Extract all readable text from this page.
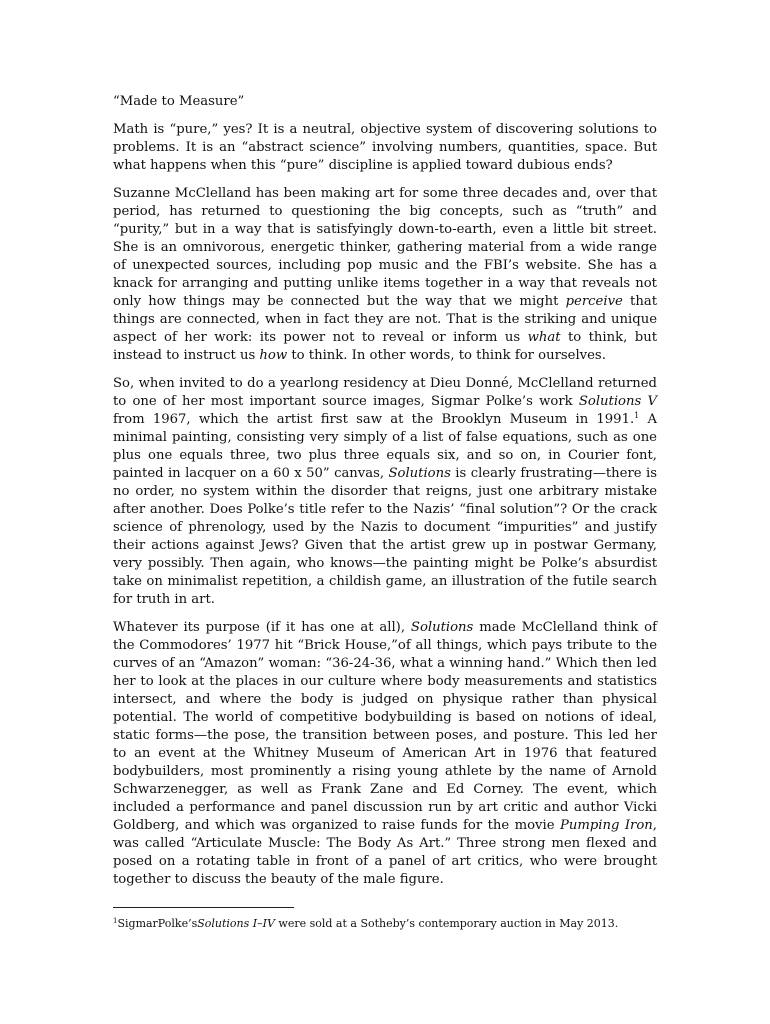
“Made to Measure”

Math is “pure,” yes? It is a neutral, objective system of discovering solutions to problems. It is an “abstract science” involving numbers, quantities, space. But what happens when this “pure” discipline is applied toward dubious ends?

Suzanne McClelland has been making art for some three decades and, over that period, has returned to questioning the big concepts, such as “truth” and “purity,” but in a way that is satisfyingly down-to-earth, even a little bit street. She is an omnivorous, energetic thinker, gathering material from a wide range of unexpected sources, including pop music and the FBI’s website. She has a knack for arranging and putting unlike items together in a way that reveals not only how things may be connected but the way that we might perceive that things are connected, when in fact they are not. That is the striking and unique aspect of her work: its power not to reveal or inform us what to think, but instead to instruct us how to think. In other words, to think for ourselves.

So, when invited to do a yearlong residency at Dieu Donné, McClelland returned to one of her most important source images, Sigmar Polke’s work Solutions V from 1967, which the artist first saw at the Brooklyn Museum in 1991.$^1$ A minimal painting, consisting very simply of a list of false equations, such as one plus one equals three, two plus three equals six, and so on, in Courier font, painted in lacquer on a 60 x 50” canvas, Solutions is clearly frustrating—there is no order, no system within the disorder that reigns, just one arbitrary mistake after another. Does Polke’s title refer to the Nazis’ “final solution”? Or the crack science of phrenology, used by the Nazis to document “impurities” and justify their actions against Jews? Given that the artist grew up in postwar Germany, very possibly. Then again, who knows—the painting might be Polke’s absurdist take on minimalist repetition, a childish game, an illustration of the futile search for truth in art.

Whatever its purpose (if it has one at all), Solutions made McClelland think of the Commodores’ 1977 hit “Brick House,”of all things, which pays tribute to the curves of an “Amazon” woman: “36-24-36, what a winning hand.” Which then led her to look at the places in our culture where body measurements and statistics intersect, and where the body is judged on physique rather than physical potential. The world of competitive bodybuilding is based on notions of ideal, static forms—the pose, the transition between poses, and posture. This led her to an event at the Whitney Museum of American Art in 1976 that featured bodybuilders, most prominently a rising young athlete by the name of Arnold Schwarzenegger, as well as Frank Zane and Ed Corney. The event, which included a performance and panel discussion run by art critic and author Vicki Goldberg, and which was organized to raise funds for the movie Pumping Iron, was called “Articulate Muscle: The Body As Art.” Three strong men flexed and posed on a rotating table in front of a panel of art critics, who were brought together to discuss the beauty of the male figure.

$^1$SigmarPolke’sSolutions I–IV were sold at a Sotheby’s contemporary auction in May 2013.
